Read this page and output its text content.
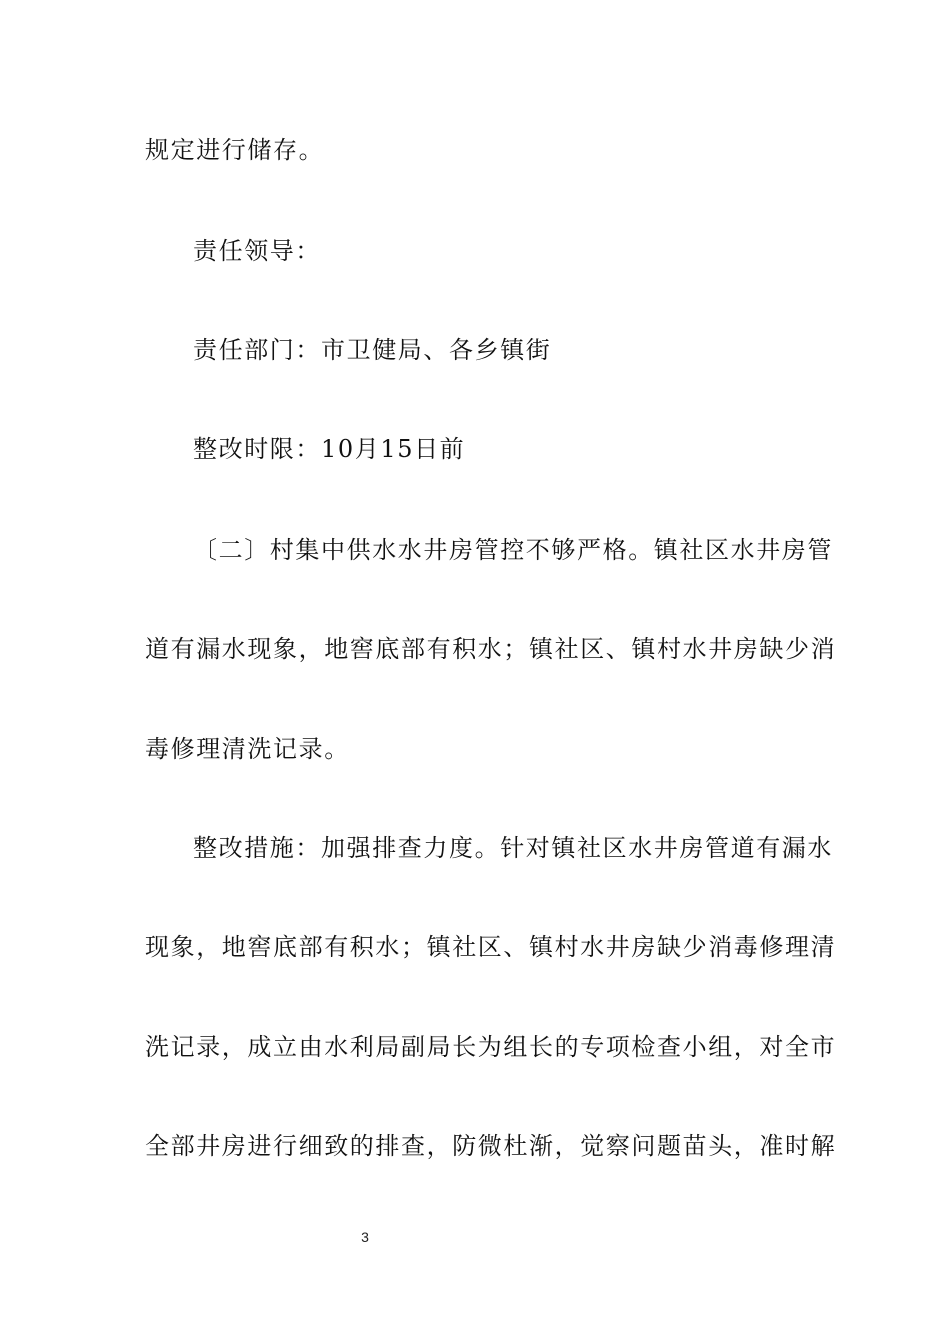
规定进行储存。
责任领导：
责任部门：市卫健局、各乡镇街
整改时限：10月15日前
〔二〕村集中供水水井房管控不够严格。镇社区水井房管
道有漏水现象，地窖底部有积水；镇社区、镇村水井房缺少消
毒修理清洗记录。
整改措施：加强排查力度。针对镇社区水井房管道有漏水
现象，地窖底部有积水；镇社区、镇村水井房缺少消毒修理清
洗记录，成立由水利局副局长为组长的专项检查小组，对全市
全部井房进行细致的排查，防微杜渐，觉察问题苗头，准时解
3
